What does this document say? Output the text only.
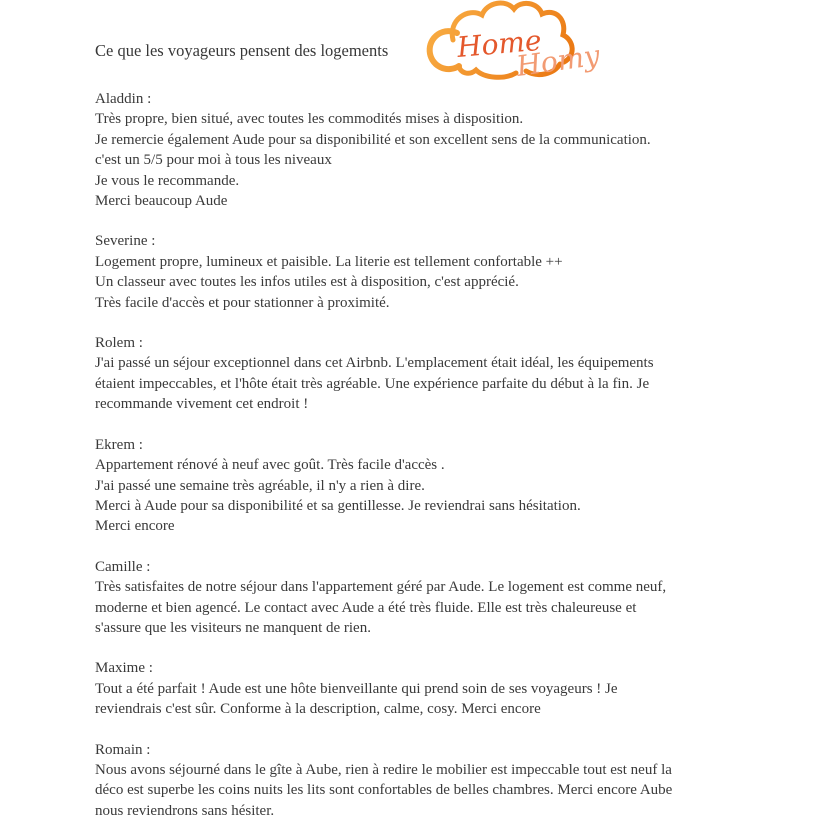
Ce que les voyageurs pensent des logements Home
Homy
Aladdin :
Très propre, bien situé, avec toutes les commodités mises à disposition.
Je remercie également Aude pour sa disponibilité et son excellent sens de la communication.
c'est un 5/5 pour moi à tous les niveaux
Je vous le recommande.
Merci beaucoup Aude
Severine :
Logement propre, lumineux et paisible. La literie est tellement confortable ++
Un classeur avec toutes les infos utiles est à disposition, c'est apprécié.
Très facile d'accès et pour stationner à proximité.
Rolem :
J'ai passé un séjour exceptionnel dans cet Airbnb. L'emplacement était idéal, les équipements
étaient impeccables, et l'hôte était très agréable. Une expérience parfaite du début à la fin. Je
recommande vivement cet endroit !
Ekrem :
Appartement rénové à neuf avec goût. Très facile d'accès .
J'ai passé une semaine très agréable, il n'y a rien à dire.
Merci à Aude pour sa disponibilité et sa gentillesse. Je reviendrai sans hésitation.
Merci encore
Camille :
Très satisfaites de notre séjour dans l'appartement géré par Aude. Le logement est comme neuf,
moderne et bien agencé. Le contact avec Aude a été très fluide. Elle est très chaleureuse et
s'assure que les visiteurs ne manquent de rien.
Maxime :
Tout a été parfait ! Aude est une hôte bienveillante qui prend soin de ses voyageurs ! Je
reviendrais c'est sûr. Conforme à la description, calme, cosy. Merci encore
Romain :
Nous avons séjourné dans le gîte à Aube, rien à redire le mobilier est impeccable tout est neuf la
déco est superbe les coins nuits les lits sont confortables de belles chambres. Merci encore Aube
nous reviendrons sans hésiter.
